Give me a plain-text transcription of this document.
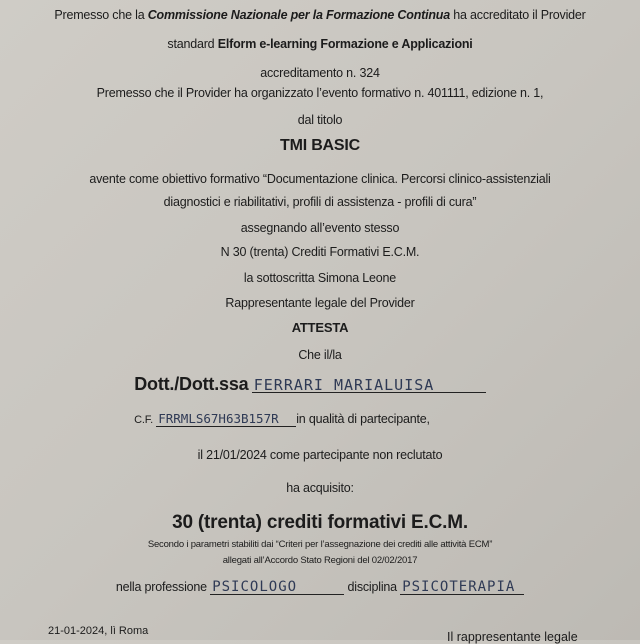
Premesso che la Commissione Nazionale per la Formazione Continua ha accreditato il Provider
standard Elform e-learning Formazione e Applicazioni
accreditamento n. 324
Premesso che il Provider ha organizzato l’evento formativo n. 401111, edizione n. 1,
dal titolo
TMI BASIC
avente come obiettivo formativo “Documentazione clinica. Percorsi clinico-assistenziali
diagnostici e riabilitativi, profili di assistenza - profili di cura”
assegnando all’evento stesso
N 30 (trenta) Crediti Formativi E.C.M.
la sottoscritta Simona Leone
Rappresentante legale del Provider
ATTESTA
Che il/la
Dott./Dott.ssa FERRARI MARIALUISA
C.F. FRRMLS67H63B157R in qualità di partecipante,
il 21/01/2024 come partecipante non reclutato
ha acquisito:
30 (trenta) crediti formativi E.C.M.
Secondo i parametri stabiliti dai “Criteri per l’assegnazione dei crediti alle attività ECM”
allegati all’Accordo Stato Regioni del 02/02/2017
nella professione PSICOLOGO	disciplina PSICOTERAPIA
21-01-2024, lì Roma	Il rappresentante legale
